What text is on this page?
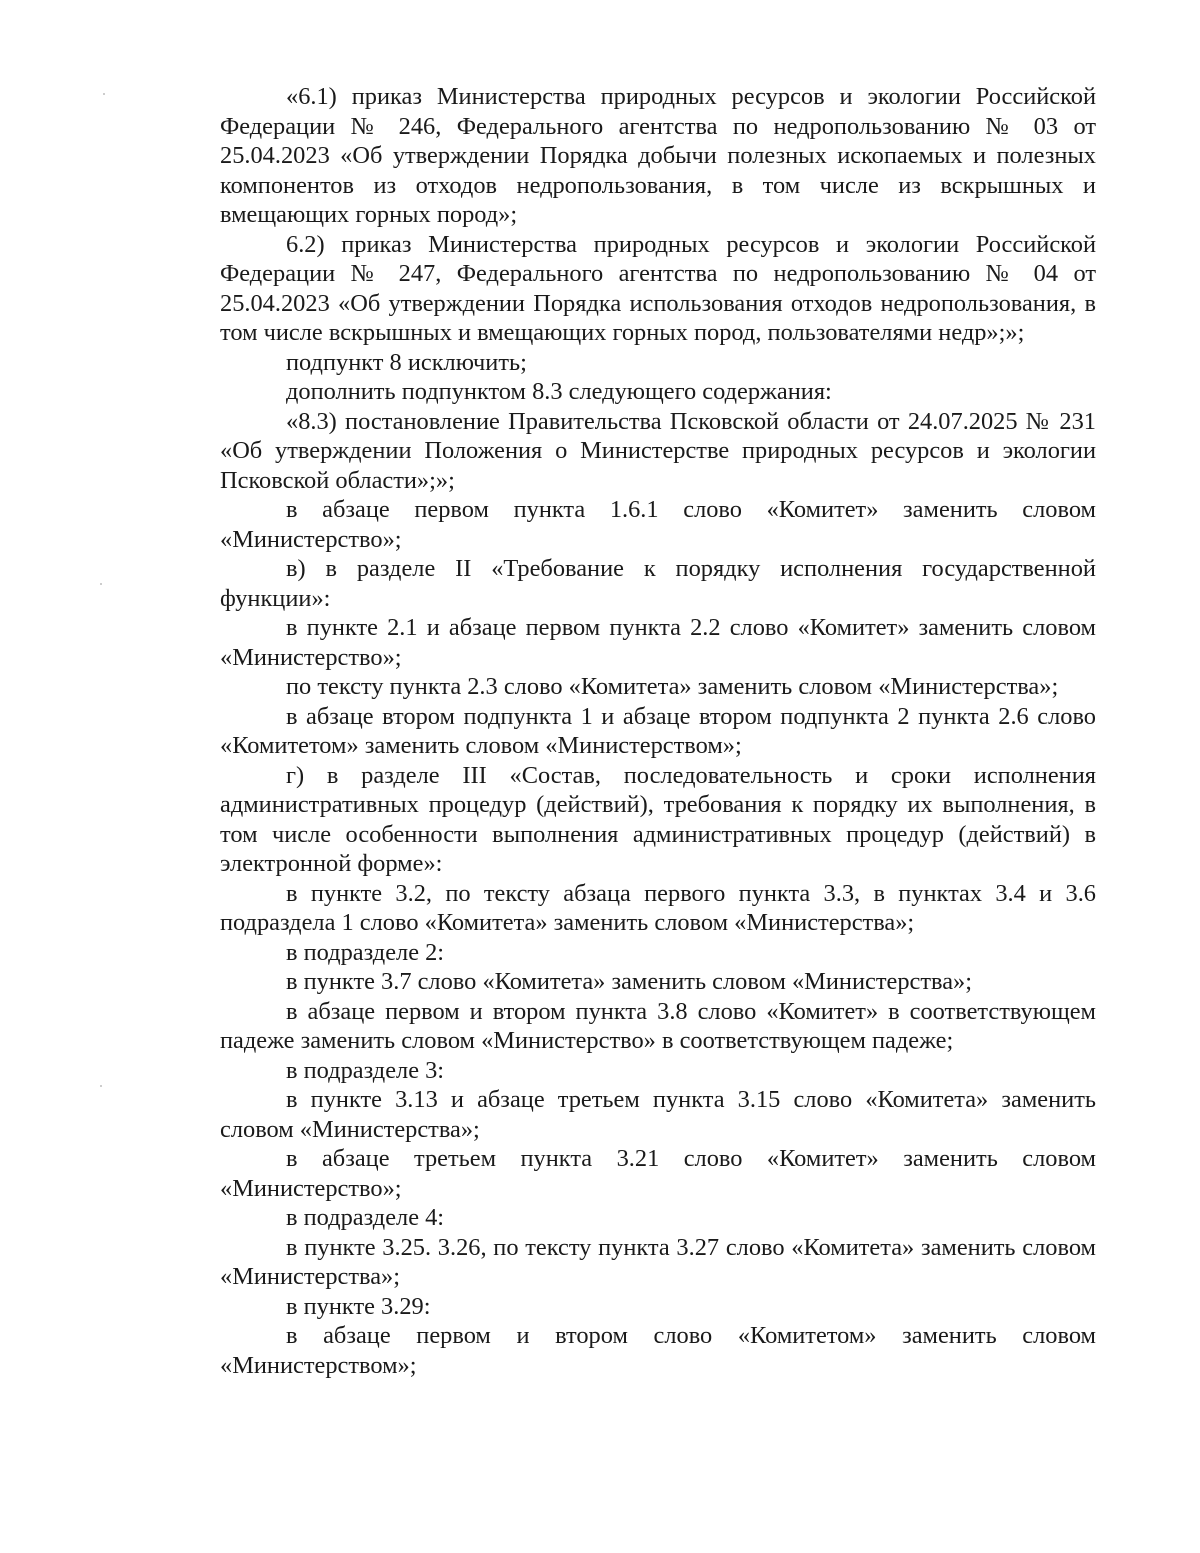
«6.1) приказ Министерства природных ресурсов и экологии Российской Федерации № 246, Федерального агентства по недропользованию № 03 от 25.04.2023 «Об утверждении Порядка добычи полезных ископаемых и полезных компонентов из отходов недропользования, в том числе из вскрышных и вмещающих горных пород»;

6.2) приказ Министерства природных ресурсов и экологии Российской Федерации № 247, Федерального агентства по недропользованию № 04 от 25.04.2023 «Об утверждении Порядка использования отходов недропользования, в том числе вскрышных и вмещающих горных пород, пользователями недр»;»;

подпункт 8 исключить;

дополнить подпунктом 8.3 следующего содержания:

«8.3) постановление Правительства Псковской области от 24.07.2025 № 231 «Об утверждении Положения о Министерстве природных ресурсов и экологии Псковской области»;»;

в абзаце первом пункта 1.6.1 слово «Комитет» заменить словом «Министерство»;

в) в разделе II «Требование к порядку исполнения государственной функции»:

в пункте 2.1 и абзаце первом пункта 2.2 слово «Комитет» заменить словом «Министерство»;

по тексту пункта 2.3 слово «Комитета» заменить словом «Министерства»;

в абзаце втором подпункта 1 и абзаце втором подпункта 2 пункта 2.6 слово «Комитетом» заменить словом «Министерством»;

г) в разделе III «Состав, последовательность и сроки исполнения административных процедур (действий), требования к порядку их выполнения, в том числе особенности выполнения административных процедур (действий) в электронной форме»:

в пункте 3.2, по тексту абзаца первого пункта 3.3, в пунктах 3.4 и 3.6 подраздела 1 слово «Комитета» заменить словом «Министерства»;

в подразделе 2:

в пункте 3.7 слово «Комитета» заменить словом «Министерства»;

в абзаце первом и втором пункта 3.8 слово «Комитет» в соответствующем падеже заменить словом «Министерство» в соответствующем падеже;

в подразделе 3:

в пункте 3.13 и абзаце третьем пункта 3.15 слово «Комитета» заменить словом «Министерства»;

в абзаце третьем пункта 3.21 слово «Комитет» заменить словом «Министерство»;

в подразделе 4:

в пункте 3.25. 3.26, по тексту пункта 3.27 слово «Комитета» заменить словом «Министерства»;

в пункте 3.29:

в абзаце первом и втором слово «Комитетом» заменить словом «Министерством»;
